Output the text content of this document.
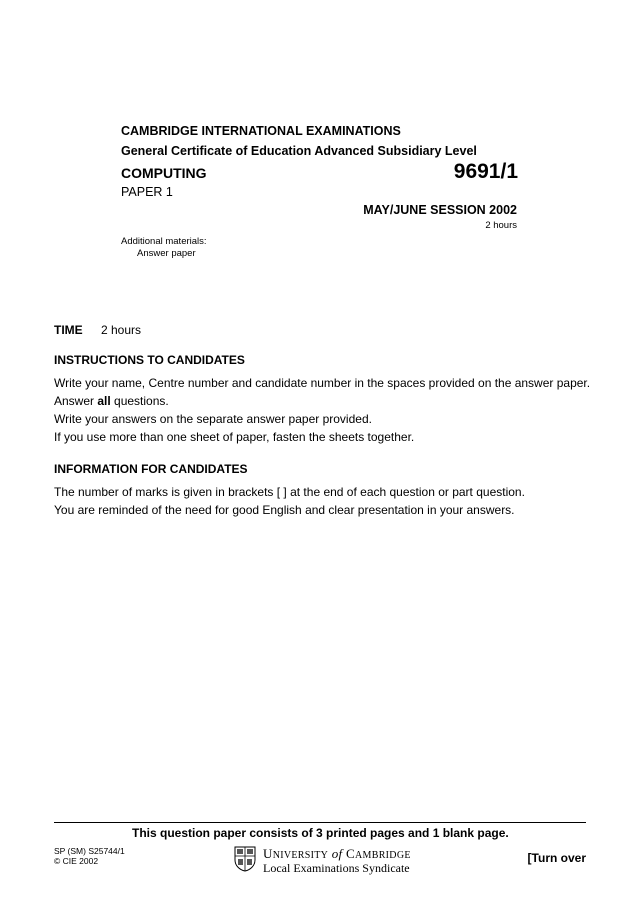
CAMBRIDGE INTERNATIONAL EXAMINATIONS
General Certificate of Education Advanced Subsidiary Level
COMPUTING	9691/1
PAPER 1
MAY/JUNE SESSION 2002
2 hours
Additional materials:
Answer paper
TIME 2 hours
INSTRUCTIONS TO CANDIDATES
Write your name, Centre number and candidate number in the spaces provided on the answer paper.
Answer all questions.
Write your answers on the separate answer paper provided.
If you use more than one sheet of paper, fasten the sheets together.
INFORMATION FOR CANDIDATES
The number of marks is given in brackets [ ] at the end of each question or part question.
You are reminded of the need for good English and clear presentation in your answers.
This question paper consists of 3 printed pages and 1 blank page.
SP (SM) S25744/1
© CIE 2002	UNIVERSITY of CAMBRIDGE
Local Examinations Syndicate
[Turn over
